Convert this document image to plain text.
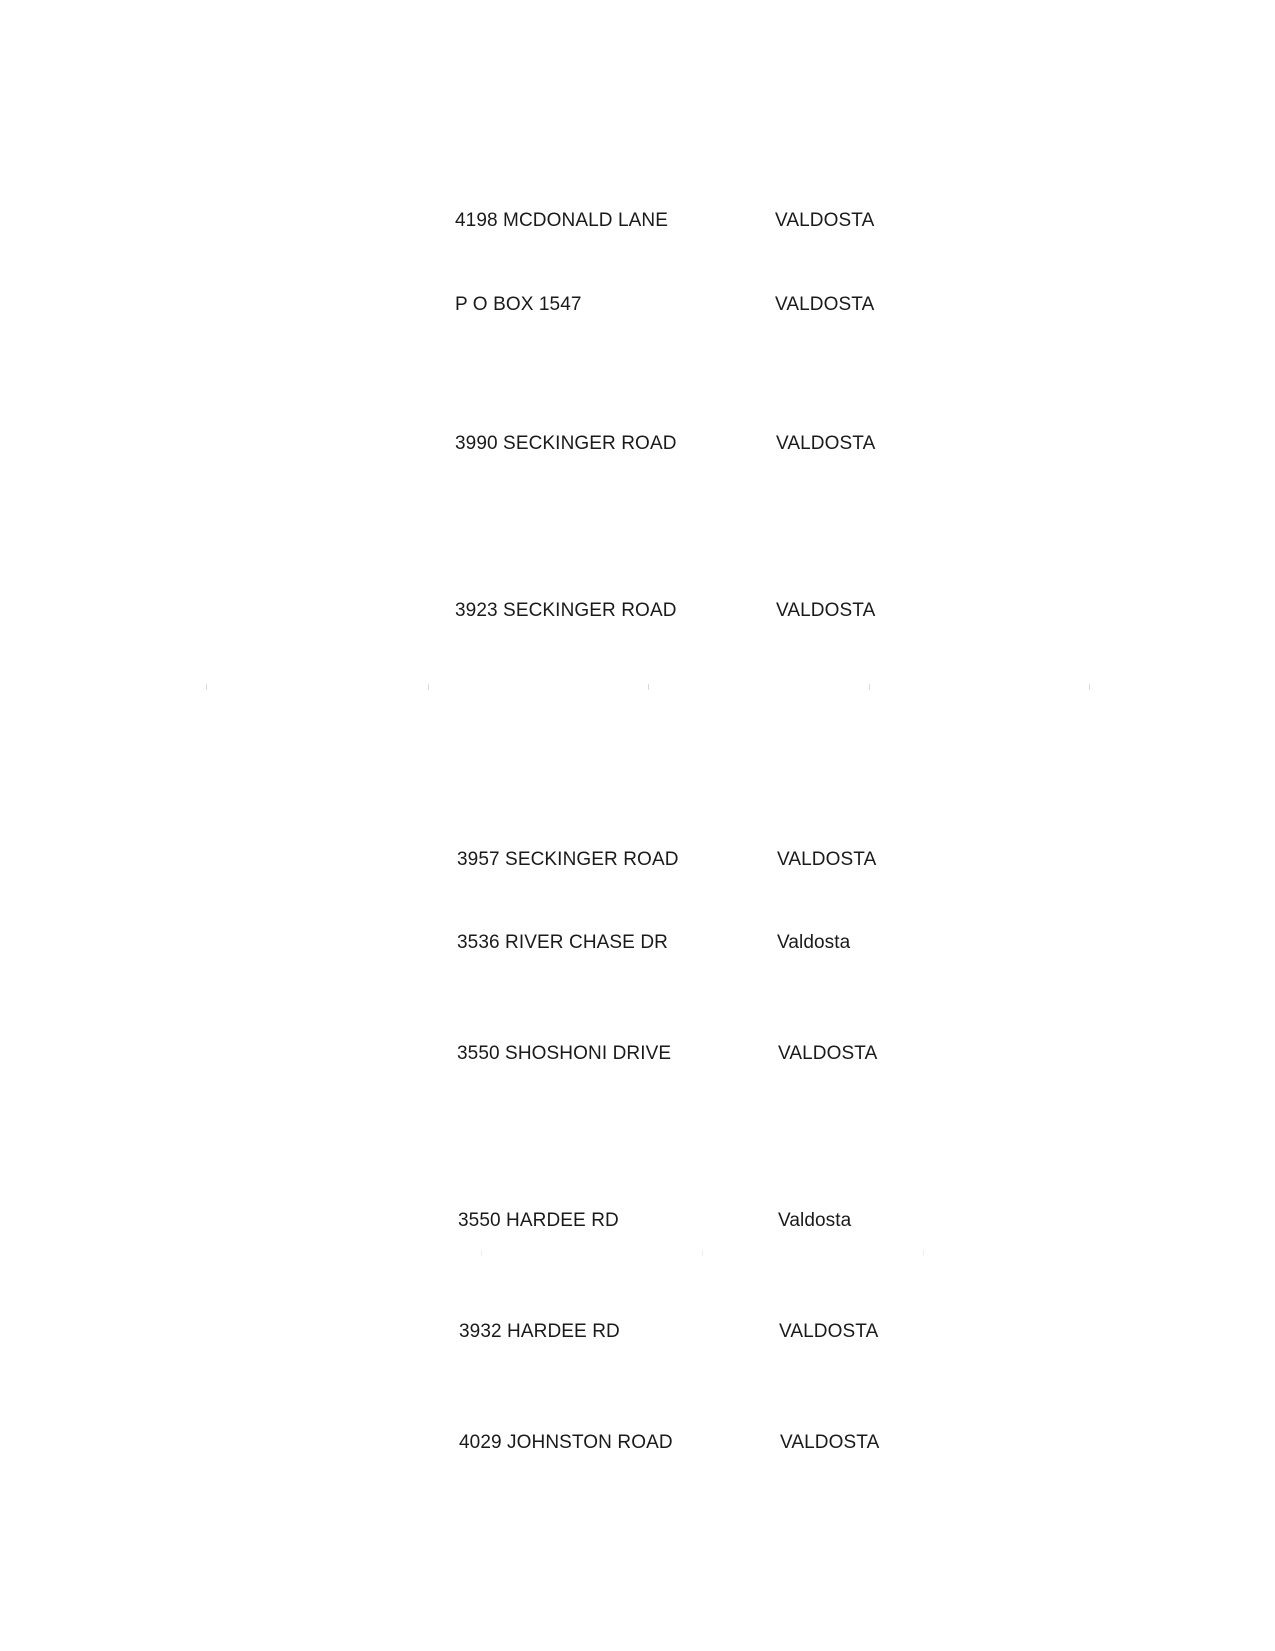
4198 MCDONALD LANE	VALDOSTA
P O BOX 1547	VALDOSTA
3990 SECKINGER ROAD	VALDOSTA
3923 SECKINGER ROAD	VALDOSTA
3957 SECKINGER ROAD	VALDOSTA
3536 RIVER CHASE DR	Valdosta
3550 SHOSHONI DRIVE	VALDOSTA
3550 HARDEE RD	Valdosta
3932 HARDEE RD	VALDOSTA
4029 JOHNSTON ROAD	VALDOSTA
